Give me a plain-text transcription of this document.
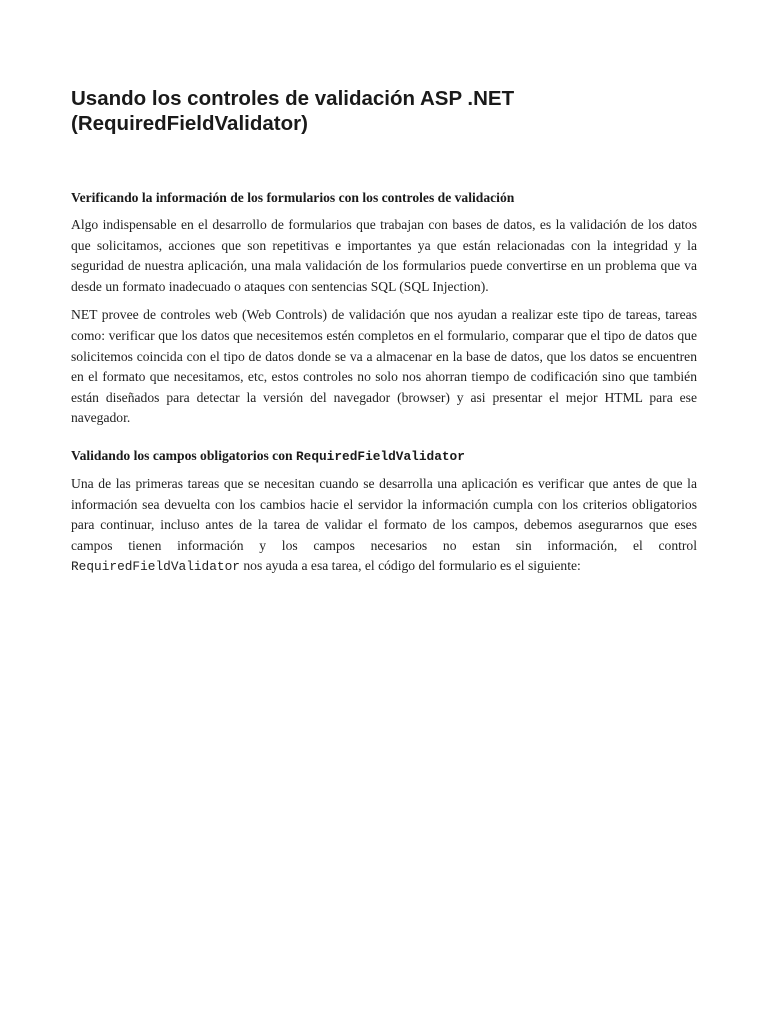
Usando los controles de validación ASP .NET
(RequiredFieldValidator)
Verificando la información de los formularios con los controles de validación

Algo indispensable en el desarrollo de formularios que trabajan con bases de datos, es la validación de los datos que solicitamos, acciones que son repetitivas e importantes ya que están relacionadas con la integridad y la seguridad de nuestra aplicación, una mala validación de los formularios puede convertirse en un problema que va desde un formato inadecuado o ataques con sentencias SQL (SQL Injection).

NET provee de controles web (Web Controls) de validación que nos ayudan a realizar este tipo de tareas, tareas como: verificar que los datos que necesitemos estén completos en el formulario, comparar que el tipo de datos que solicitemos coincida con el tipo de datos donde se va a almacenar en la base de datos, que los datos se encuentren en el formato que necesitamos, etc, estos controles no solo nos ahorran tiempo de codificación sino que también están diseñados para detectar la versión del navegador (browser) y asi presentar el mejor HTML para ese navegador.

Validando los campos obligatorios con RequiredFieldValidator

Una de las primeras tareas que se necesitan cuando se desarrolla una aplicación es verificar que antes de que la información sea devuelta con los cambios hacie el servidor la información cumpla con los criterios obligatorios para continuar, incluso antes de la tarea de validar el formato de los campos, debemos asegurarnos que eses campos tienen información y los campos necesarios no estan sin información, el control RequiredFieldValidator nos ayuda a esa tarea, el código del formulario es el siguiente:
